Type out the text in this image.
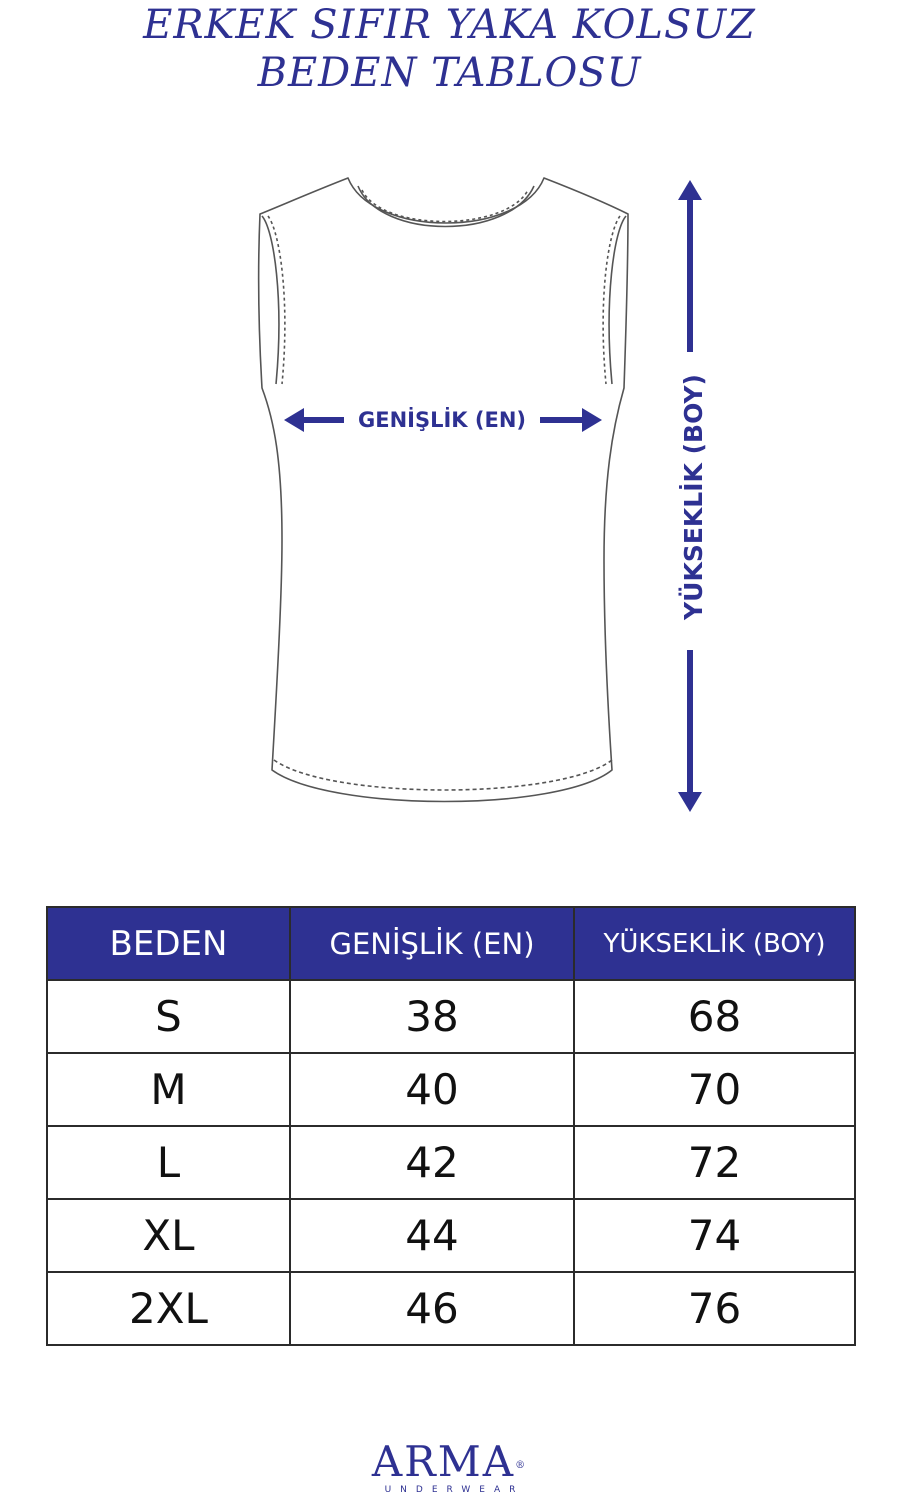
ERKEK SIFIR YAKA KOLSUZ
BEDEN TABLOSU
GENİŞLİK (EN)	YÜKSEKLİK (BOY)
BEDEN	GENİŞLİK (EN)	YÜKSEKLİK (BOY)
S	38	68
M	40	70
L	42	72
XL	44	74
2XL	46	76
ARMA®
UNDERWEAR
